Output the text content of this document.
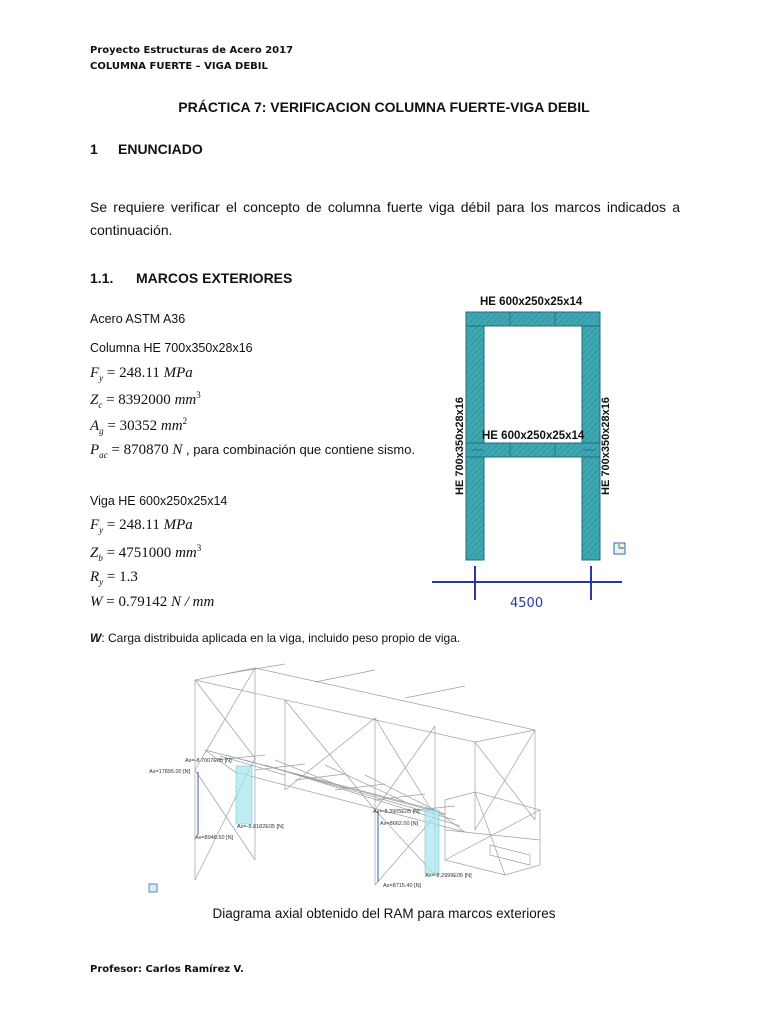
Proyecto Estructuras de Acero 2017
COLUMNA FUERTE – VIGA DEBIL
PRÁCTICA 7: VERIFICACION COLUMNA FUERTE-VIGA DEBIL
1 ENUNCIADO
Se requiere verificar el concepto de columna fuerte viga débil para los marcos indicados a continuación.
1.1. MARCOS EXTERIORES
Acero ASTM A36
Columna HE 700x350x28x16
$F_y = 248.11$ MPa
$Z_c = 8392000$ $mm^3$
$A_g = 30352$ $mm^2$
$P_{ac} = 870870$ N , para combinación que contiene sismo.
Viga HE 600x250x25x14
$F_y = 248.11$ MPa
$Z_b = 4751000$ $mm^3$
$R_y = 1.3$
W = 0.79142 N / mm
W: Carga distribuida aplicada en la viga, incluido peso propio de viga.
HE 600x250x25x14
HE 600x250x25x14
HE 700x350x28x16	HE 700x350x28x16
4500
Ax=-8.7007E05 [N]
Ax=17895.00 [N]
Ax=-8.8182E05 [N]
Ax=8948.50 [N]
Ax=-8.3905E05 [N]
Ax=8662.00 [N]
Ax=-8.2999E05 [N]
Ax=8715.40 [N]
Diagrama axial obtenido del RAM para marcos exteriores
Profesor: Carlos Ramírez V.
